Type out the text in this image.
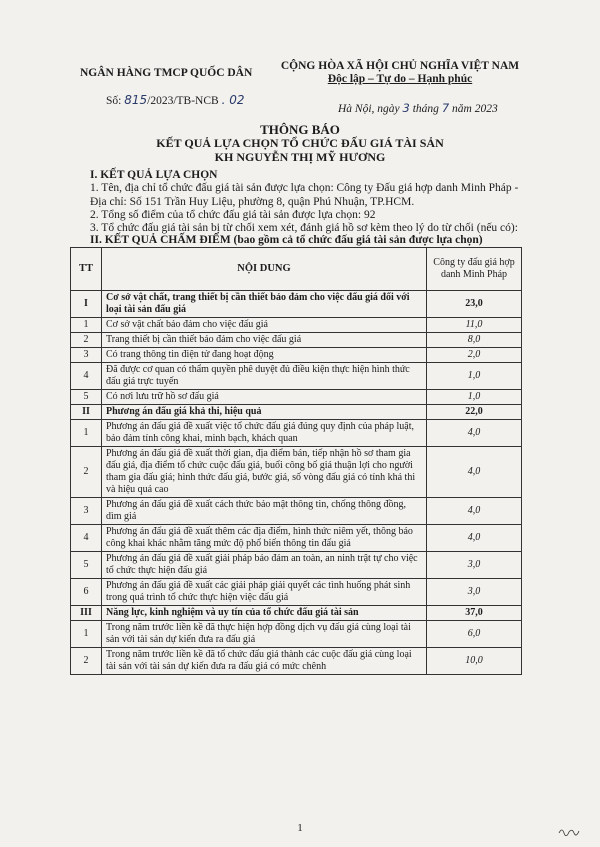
NGÂN HÀNG TMCP QUỐC DÂN
CỘNG HÒA XÃ HỘI CHỦ NGHĨA VIỆT NAM
Độc lập – Tự do – Hạnh phúc
Số: 815/2023/TB-NCB . 02
Hà Nội, ngày 3 tháng 7 năm 2023
THÔNG BÁO
KẾT QUẢ LỰA CHỌN TỔ CHỨC ĐẤU GIÁ TÀI SẢN
KH NGUYỄN THỊ MỸ HƯƠNG
I. KẾT QUẢ LỰA CHỌN
1. Tên, địa chỉ tổ chức đấu giá tài sản được lựa chọn: Công ty Đấu giá hợp danh Minh Pháp -
Địa chỉ: Số 151 Trần Huy Liệu, phường 8, quận Phú Nhuận, TP.HCM.
2. Tổng số điểm của tổ chức đấu giá tài sản được lựa chọn: 92
3. Tổ chức đấu giá tài sản bị từ chối xem xét, đánh giá hồ sơ kèm theo lý do từ chối (nếu có):
II. KẾT QUẢ CHẤM ĐIỂM (bao gồm cả tổ chức đấu giá tài sản được lựa chọn)
TT	NỘI DUNG	Công ty đấu giá hợp danh Minh Pháp
I	Cơ sở vật chất, trang thiết bị cần thiết bảo đảm cho việc đấu giá đối với loại tài sản đấu giá	23,0
1	Cơ sở vật chất bảo đảm cho việc đấu giá	11,0
2	Trang thiết bị cần thiết bảo đảm cho việc đấu giá	8,0
3	Có trang thông tin điện tử đang hoạt động	2,0
4	Đã được cơ quan có thẩm quyền phê duyệt đủ điều kiện thực hiện hình thức đấu giá trực tuyến	1,0
5	Có nơi lưu trữ hồ sơ đấu giá	1,0
II	Phương án đấu giá khả thi, hiệu quả	22,0
1	Phương án đấu giá đề xuất việc tổ chức đấu giá đúng quy định của pháp luật, bảo đảm tính công khai, minh bạch, khách quan	4,0
2	Phương án đấu giá đề xuất thời gian, địa điểm bán, tiếp nhận hồ sơ tham gia đấu giá, địa điểm tổ chức cuộc đấu giá, buổi công bố giá thuận lợi cho người tham gia đấu giá; hình thức đấu giá, bước giá, số vòng đấu giá có tính khả thi và hiệu quả cao	4,0
3	Phương án đấu giá đề xuất cách thức bảo mật thông tin, chống thông đồng, dìm giá	4,0
4	Phương án đấu giá đề xuất thêm các địa điểm, hình thức niêm yết, thông báo công khai khác nhằm tăng mức độ phổ biến thông tin đấu giá	4,0
5	Phương án đấu giá đề xuất giải pháp bảo đảm an toàn, an ninh trật tự cho việc tổ chức thực hiện đấu giá	3,0
6	Phương án đấu giá đề xuất các giải pháp giải quyết các tình huống phát sinh trong quá trình tổ chức thực hiện việc đấu giá	3,0
III	Năng lực, kinh nghiệm và uy tín của tổ chức đấu giá tài sản	37,0
1	Trong năm trước liền kề đã thực hiện hợp đồng dịch vụ đấu giá cùng loại tài sản với tài sản dự kiến đưa ra đấu giá	6,0
2	Trong năm trước liền kề đã tổ chức đấu giá thành các cuộc đấu giá cùng loại tài sản với tài sản dự kiến đưa ra đấu giá có mức chênh	10,0
1
